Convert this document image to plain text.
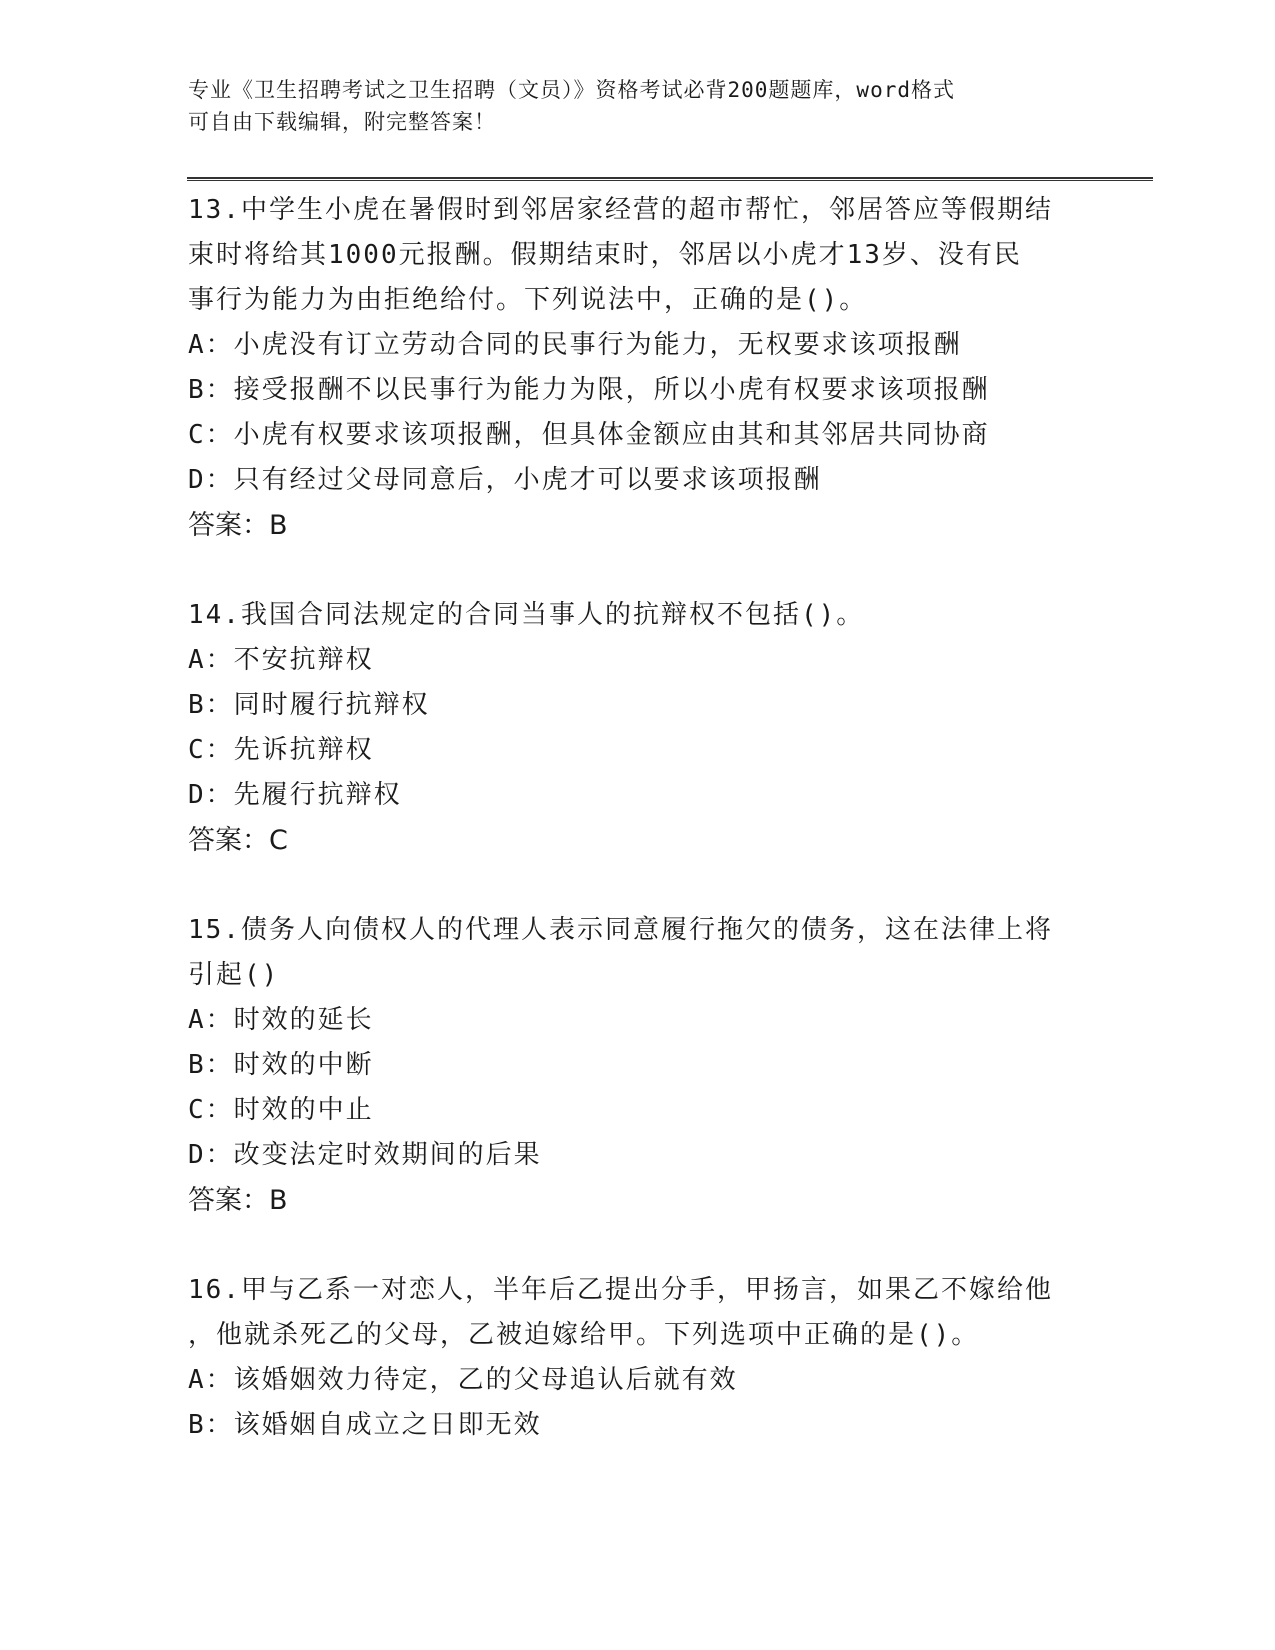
专业《卫生招聘考试之卫生招聘（文员）》资格考试必背200题题库，word格式
可自由下载编辑，附完整答案！

13.中学生小虎在暑假时到邻居家经营的超市帮忙，邻居答应等假期结

束时将给其1000元报酬。假期结束时，邻居以小虎才13岁、没有民

事行为能力为由拒绝给付。下列说法中，正确的是()。

A：小虎没有订立劳动合同的民事行为能力，无权要求该项报酬

B：接受报酬不以民事行为能力为限，所以小虎有权要求该项报酬

C：小虎有权要求该项报酬，但具体金额应由其和其邻居共同协商

D：只有经过父母同意后，小虎才可以要求该项报酬

答案：B

14.我国合同法规定的合同当事人的抗辩权不包括()。

A：不安抗辩权

B：同时履行抗辩权

C：先诉抗辩权

D：先履行抗辩权

答案：C

15.债务人向债权人的代理人表示同意履行拖欠的债务，这在法律上将

引起()

A：时效的延长

B：时效的中断

C：时效的中止

D：改变法定时效期间的后果

答案：B

16.甲与乙系一对恋人，半年后乙提出分手，甲扬言，如果乙不嫁给他

，他就杀死乙的父母，乙被迫嫁给甲。下列选项中正确的是()。

A：该婚姻效力待定，乙的父母追认后就有效

B：该婚姻自成立之日即无效
